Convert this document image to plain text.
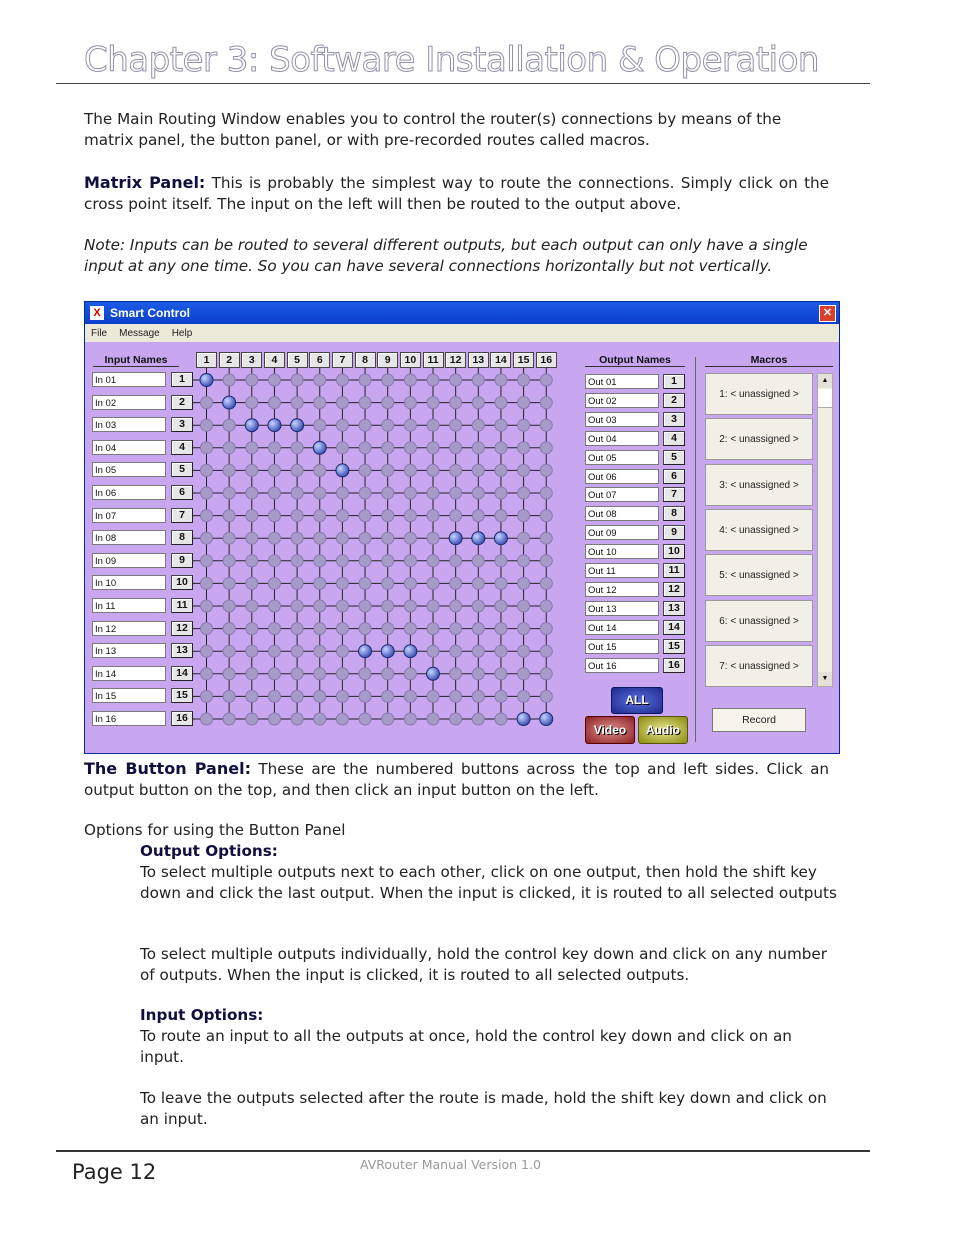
Chapter 3: Software Installation & Operation
The Main Routing Window enables you to control the router(s) connections by means of the matrix panel, the button panel, or with pre-recorded routes called macros.
Matrix Panel: This is probably the simplest way to route the connections. Simply click on the cross point itself. The input on the left will then be routed to the output above.
Note: Inputs can be routed to several different outputs, but each output can only have a single input at any one time. So you can have several connections horizontally but not vertically.
X Smart Control	✕
File	Message	Help
Input Names	Output Names	Macros
In 01	1
In 02	2
In 03	3
In 04	4
In 05	5
In 06	6
In 07	7
In 08	8
In 09	9
In 10	10
In 11	11
In 12	12
In 13	13
In 14	14
In 15	15
In 16	16
1	2	3	4	5	6	7	8	9	10	11	12	13	14	15	16
Out 01	1
Out 02	2
Out 03	3
Out 04	4
Out 05	5
Out 06	6
Out 07	7
Out 08	8
Out 09	9
Out 10	10
Out 11	11
Out 12	12
Out 13	13
Out 14	14
Out 15	15
Out 16	16
1: < unassigned >
2: < unassigned >
3: < unassigned >
4: < unassigned >
5: < unassigned >
6: < unassigned >
7: < unassigned >
▲
▼
ALL
Video	Audio
Record
The Button Panel: These are the numbered buttons across the top and left sides. Click an output button on the top, and then click an input button on the left.
Options for using the Button Panel
Output Options:
To select multiple outputs next to each other, click on one output, then hold the shift key down and click the last output. When the input is clicked, it is routed to all selected outputs
To select multiple outputs individually, hold the control key down and click on any number of outputs. When the input is clicked, it is routed to all selected outputs.
Input Options:
To route an input to all the outputs at once, hold the control key down and click on an input.
To leave the outputs selected after the route is made, hold the shift key down and click on an input.
Page 12	AVRouter Manual Version 1.0
